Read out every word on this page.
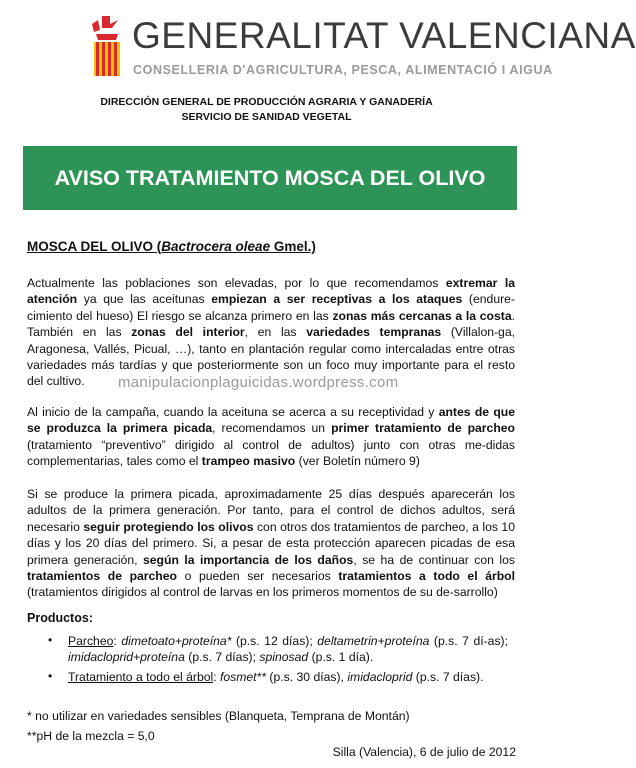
GENERALITAT VALENCIANA
CONSELLERIA D'AGRICULTURA, PESCA, ALIMENTACIÓ I AIGUA
DIRECCIÓN GENERAL DE PRODUCCIÓN AGRARIA Y GANADERÍA
SERVICIO DE SANIDAD VEGETAL
AVISO TRATAMIENTO MOSCA DEL OLIVO
MOSCA DEL OLIVO (Bactrocera oleae Gmel.)
Actualmente las poblaciones son elevadas, por lo que recomendamos extremar la atención ya que las aceitunas empiezan a ser receptivas a los ataques (endure-cimiento del hueso) El riesgo se alcanza primero en las zonas más cercanas a la costa. También en las zonas del interior, en las variedades tempranas (Villalon-ga, Aragonesa, Vallés, Picual, …), tanto en plantación regular como intercaladas entre otras variedades más tardías y que posteriormente son un foco muy importante para el resto del cultivo.	manipulacionplaguicidas.wordpress.com
Al inicio de la campaña, cuando la aceituna se acerca a su receptividad y antes de que se produzca la primera picada, recomendamos un primer tratamiento de parcheo (tratamiento “preventivo” dirigido al control de adultos) junto con otras me-didas complementarias, tales como el trampeo masivo (ver Boletín número 9)
Si se produce la primera picada, aproximadamente 25 días después aparecerán los adultos de la primera generación. Por tanto, para el control de dichos adultos, será necesario seguir protegiendo los olivos con otros dos tratamientos de parcheo, a los 10 días y los 20 días del primero. Si, a pesar de esta protección aparecen picadas de esa primera generación, según la importancia de los daños, se ha de continuar con los tratamientos de parcheo o pueden ser necesarios tratamientos a todo el árbol (tratamientos dirigidos al control de larvas en los primeros momentos de su de-sarrollo)
Productos:
• Parcheo: dimetoato+proteína* (p.s. 12 días); deltametrin+proteína (p.s. 7 dí-as); imidacloprid+proteína (p.s. 7 días); spinosad (p.s. 1 día).
• Tratamiento a todo el árbol: fosmet** (p.s. 30 días), imidacloprid (p.s. 7 días).
* no utilizar en variedades sensibles (Blanqueta, Temprana de Montán)
**pH de la mezcla = 5,0
Silla (Valencia), 6 de julio de 2012
